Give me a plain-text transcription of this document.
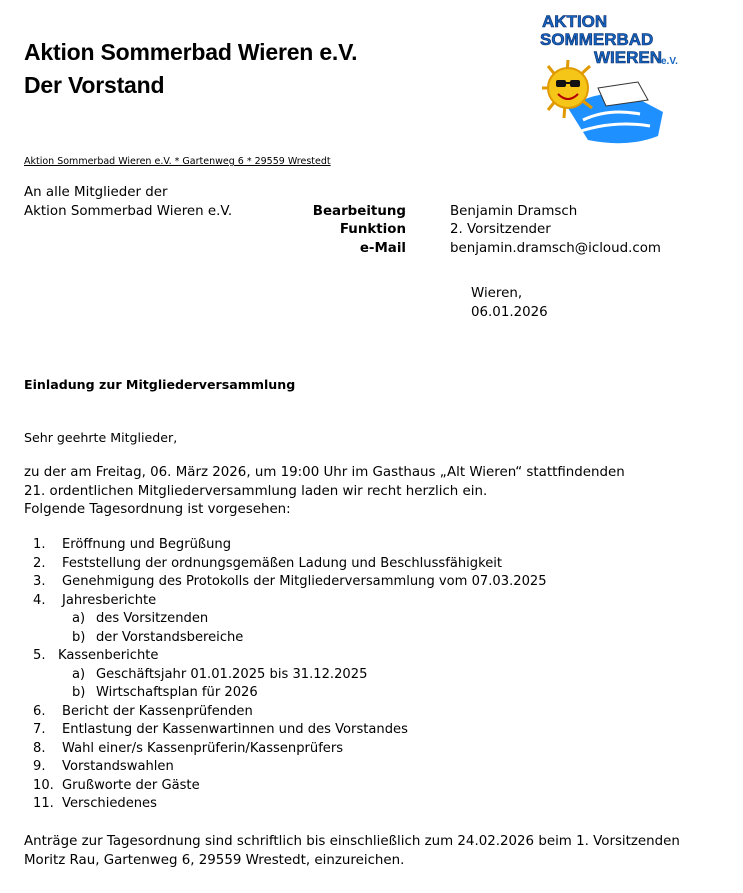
Aktion Sommerbad Wieren e.V.
Der Vorstand
AKTION
SOMMERBAD
WIEREN e.V.
Aktion Sommerbad Wieren e.V. * Gartenweg 6 * 29559 Wrestedt
An alle Mitglieder der
Aktion Sommerbad Wieren e.V.	Bearbeitung
Funktion
e-Mail
Benjamin Dramsch
2. Vorsitzender
benjamin.dramsch@icloud.com
Wieren,
06.01.2026
Einladung zur Mitgliederversammlung
Sehr geehrte Mitglieder,
zu der am Freitag, 06. März 2026, um 19:00 Uhr im Gasthaus „Alt Wieren“ stattfindenden
21. ordentlichen Mitgliederversammlung laden wir recht herzlich ein.
Folgende Tagesordnung ist vorgesehen:
1. Eröffnung und Begrüßung
2. Feststellung der ordnungsgemäßen Ladung und Beschlussfähigkeit
3. Genehmigung des Protokolls der Mitgliederversammlung vom 07.03.2025
4. Jahresberichte
a) des Vorsitzenden
b) der Vorstandsbereiche
5. Kassenberichte
a) Geschäftsjahr 01.01.2025 bis 31.12.2025
b) Wirtschaftsplan für 2026
6. Bericht der Kassenprüfenden
7. Entlastung der Kassenwartinnen und des Vorstandes
8. Wahl einer/s Kassenprüferin/Kassenprüfers
9. Vorstandswahlen
10. Grußworte der Gäste
11. Verschiedenes
Anträge zur Tagesordnung sind schriftlich bis einschließlich zum 24.02.2026 beim 1. Vorsitzenden
Moritz Rau, Gartenweg 6, 29559 Wrestedt, einzureichen.
